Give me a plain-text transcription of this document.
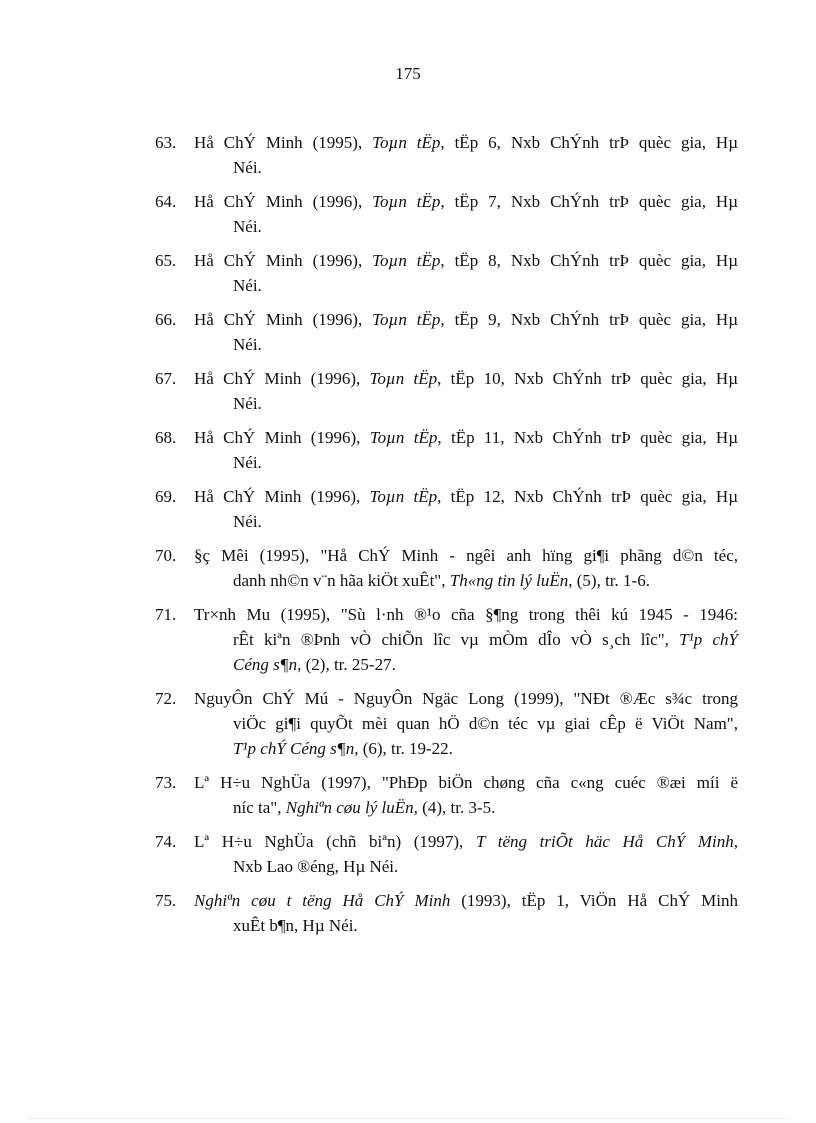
175
63.	Hå ChÝ Minh (1995), Toµn tËp, tËp 6, Nxb ChÝnh trÞ quèc gia, Hµ
Néi.
64.	Hå ChÝ Minh (1996), Toµn tËp, tËp 7, Nxb ChÝnh trÞ quèc gia, Hµ
Néi.
65.	Hå ChÝ Minh (1996), Toµn tËp, tËp 8, Nxb ChÝnh trÞ quèc gia, Hµ
Néi.
66.	Hå ChÝ Minh (1996), Toµn tËp, tËp 9, Nxb ChÝnh trÞ quèc gia, Hµ
Néi.
67.	Hå ChÝ Minh (1996), Toµn tËp, tËp 10, Nxb ChÝnh trÞ quèc gia, Hµ
Néi.
68.	Hå ChÝ Minh (1996), Toµn tËp, tËp 11, Nxb ChÝnh trÞ quèc gia, Hµ
Néi.
69.	Hå ChÝ Minh (1996), Toµn tËp, tËp 12, Nxb ChÝnh trÞ quèc gia, Hµ
Néi.
70.	§ç Mêi (1995), "Hå ChÝ Minh - ngêi anh hïng gi¶i phãng d©n téc,
danh nh©n v¨n hãa kiÖt xuÊt", Th«ng tin lý luËn, (5), tr. 1-6.
71.	Tr×nh Mu (1995), "Sù l·nh ®¹o cña §¶ng trong thêi kú 1945 - 1946:
rÊt kiªn ®Þnh vÒ chiÕn lîc vµ mÒm dÎo vÒ s¸ch lîc", T¹p chÝ
Céng s¶n, (2), tr. 25-27.
72.	NguyÔn ChÝ Mú - NguyÔn Ngäc Long (1999), "NÐt ®Æc s¾c trong
viÖc gi¶i quyÕt mèi quan hÖ d©n téc vµ giai cÊp ë ViÖt Nam",
T¹p chÝ Céng s¶n, (6), tr. 19-22.
73.	Lª H÷u NghÜa (1997), "PhÐp biÖn chøng cña c«ng cuéc ®æi míi ë
níc ta", Nghiªn cøu lý luËn, (4), tr. 3-5.
74.	Lª H÷u NghÜa (chñ biªn) (1997), T tëng triÕt häc Hå ChÝ Minh,
Nxb Lao ®éng, Hµ Néi.
75.	Nghiªn cøu t tëng Hå ChÝ Minh (1993), tËp 1, ViÖn Hå ChÝ Minh
xuÊt b¶n, Hµ Néi.
